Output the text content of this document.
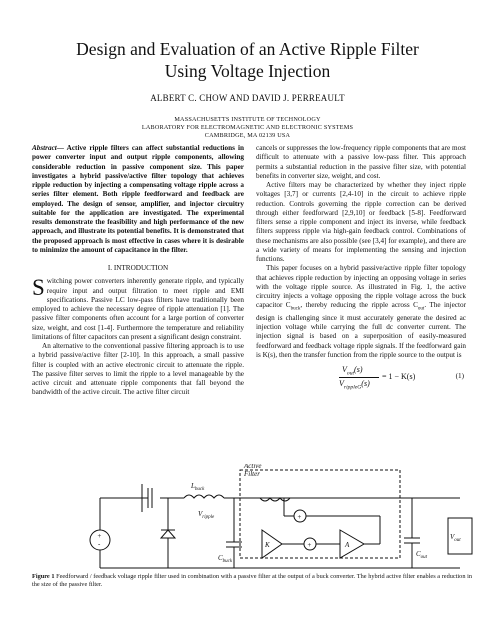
Design and Evaluation of an Active Ripple Filter
Using Voltage Injection
ALBERT C. CHOW AND DAVID J. PERREAULT
MASSACHUSETTS INSTITUTE OF TECHNOLOGY
LABORATORY FOR ELECTROMAGNETIC AND ELECTRONIC SYSTEMS
CAMBRIDGE, MA 02139 USA

Abstract— Active ripple filters can affect substantial reductions in power converter input and output ripple components, allowing considerable reduction in passive component size. This paper investigates a hybrid passive/active filter topology that achieves ripple reduction by injecting a compensating voltage ripple across a series filter element. Both ripple feedforward and feedback are employed. The design of sensor, amplifier, and injector circuitry suitable for the application are investigated. The experimental results demonstrate the feasibility and high performance of the new approach, and illustrate its potential benefits. It is demonstrated that the proposed approach is most effective in cases where it is desirable to minimize the amount of capacitance in the filter.

I. INTRODUCTION

Switching power converters inherently generate ripple, and typically require input and output filtration to meet ripple and EMI specifications. Passive LC low-pass filters have traditionally been employed to achieve the necessary degree of ripple attenuation [1]. The passive filter components often account for a large portion of converter size, weight, and cost [1-4]. Furthermore the temperature and reliability limitations of filter capacitors can present a significant design constraint.

An alternative to the conventional passive filtering approach is to use a hybrid passive/active filter [2-10]. In this approach, a small passive filter is coupled with an active electronic circuit to attenuate the ripple. The passive filter serves to limit the ripple to a level manageable by the active circuit and attenuate ripple components that fall beyond the bandwidth of the active circuit. The active filter circuit

cancels or suppresses the low-frequency ripple components that are most difficult to attenuate with a passive low-pass filter. This approach permits a substantial reduction in the passive filter size, with potential benefits in converter size, weight, and cost.

Active filters may be characterized by whether they inject ripple voltages [3,7] or currents [2,4-10] in the circuit to achieve ripple reduction. Controls governing the ripple correction can be derived through either feedforward [2,9,10] or feedback [5-8]. Feedforward filters sense a ripple component and inject its inverse, while feedback filters suppress ripple via high-gain feedback control. Combinations of these mechanisms are also possible (see [3,4] for example), and there are a wide variety of means for implementing the sensing and injection functions.

This paper focuses on a hybrid passive/active ripple filter topology that achieves ripple reduction by injecting an opposing voltage in series with the voltage ripple source. As illustrated in Fig. 1, the active circuitry injects a voltage opposing the ripple voltage across the buck capacitor $C_{buck}$, thereby reducing the ripple across $C_{out}$. The injector design is challenging since it must accurately generate the desired ac injection voltage while carrying the full dc converter current. The injection signal is based on a superposition of easily-measured feedforward and feedback voltage ripple signals. If the feedforward gain is K(s), then the transfer function from the ripple source to the output is

$V_{out}(s)$
$V_{rippleG}(s)$
= 1 − K(s)	(1)
Active
Filter
$L_{buck}$
$V_{ripple}$
$C_{buck}$
K	A
$C_{out}$
$V_{out}$
+
+
+
-
Figure 1 Feedforward / feedback voltage ripple filter used in combination with a passive filter at the output of a buck converter. The hybrid active filter enables a reduction in the size of the passive filter.
